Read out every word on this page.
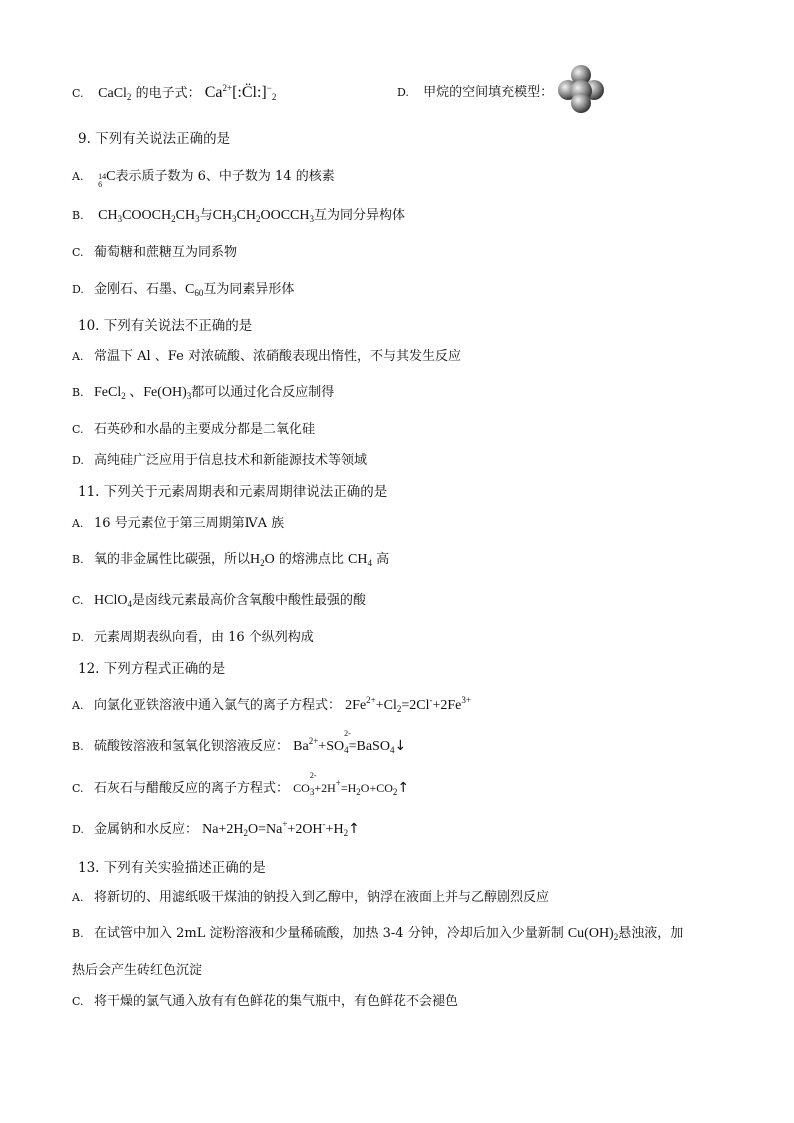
C. CaCl$_2$ 的电子式： $Ca^{2+}[:C̈l:]^-_2$	D. 甲烷的空间填充模型：
9. 下列有关说法正确的是
A. 14
6
C表示质子数为 6、中子数为 14 的核素
B. $CH_3COOCH_2CH_3$与$CH_3CH_2OOCCH_3$互为同分异构体
C. 葡萄糖和蔗糖互为同系物
D. 金刚石、石墨、$C_{60}$互为同素异形体
10. 下列有关说法不正确的是
A. 常温下 Al 、Fe 对浓硫酸、浓硝酸表现出惰性，不与其发生反应
B. FeCl$_2$ 、$Fe(OH)_3$都可以通过化合反应制得
C. 石英砂和水晶的主要成分都是二氧化硅
D. 高纯硅广泛应用于信息技术和新能源技术等领域
11. 下列关于元素周期表和元素周期律说法正确的是
A. 16 号元素位于第三周期第ⅣA 族
B. 氧的非金属性比碳强，所以$H_2O$ 的熔沸点比 $CH_4$ 高
C. HClO$_4$是卤线元素最高价含氧酸中酸性最强的酸
D. 元素周期表纵向看，由 16 个纵列构成
12. 下列方程式正确的是
A. 向氯化亚铁溶液中通入氯气的离子方程式： $2Fe^{2+}+Cl_2=2Cl^-+2Fe^{3+}$
B. 硫酸铵溶液和氢氧化钡溶液反应： $Ba^{2+}+SO$
$_{2- 4}$=BaSO$_4$↓
C. 石灰石与醋酸反应的离子方程式： CO
$_{2- 3}+2H^+=H_2O+CO_2↑$
D. 金属钠和水反应： $Na+2H_2O=Na^++2OH^-+H_2↑$
13. 下列有关实验描述正确的是
A. 将新切的、用滤纸吸干煤油的钠投入到乙醇中，钠浮在液面上并与乙醇剧烈反应
B. 在试管中加入 2mL 淀粉溶液和少量稀硫酸，加热 3-4 分钟，冷却后加入少量新制 $Cu(OH)_2$悬浊液，加
热后会产生砖红色沉淀
C. 将干燥的氯气通入放有有色鲜花的集气瓶中，有色鲜花不会褪色
